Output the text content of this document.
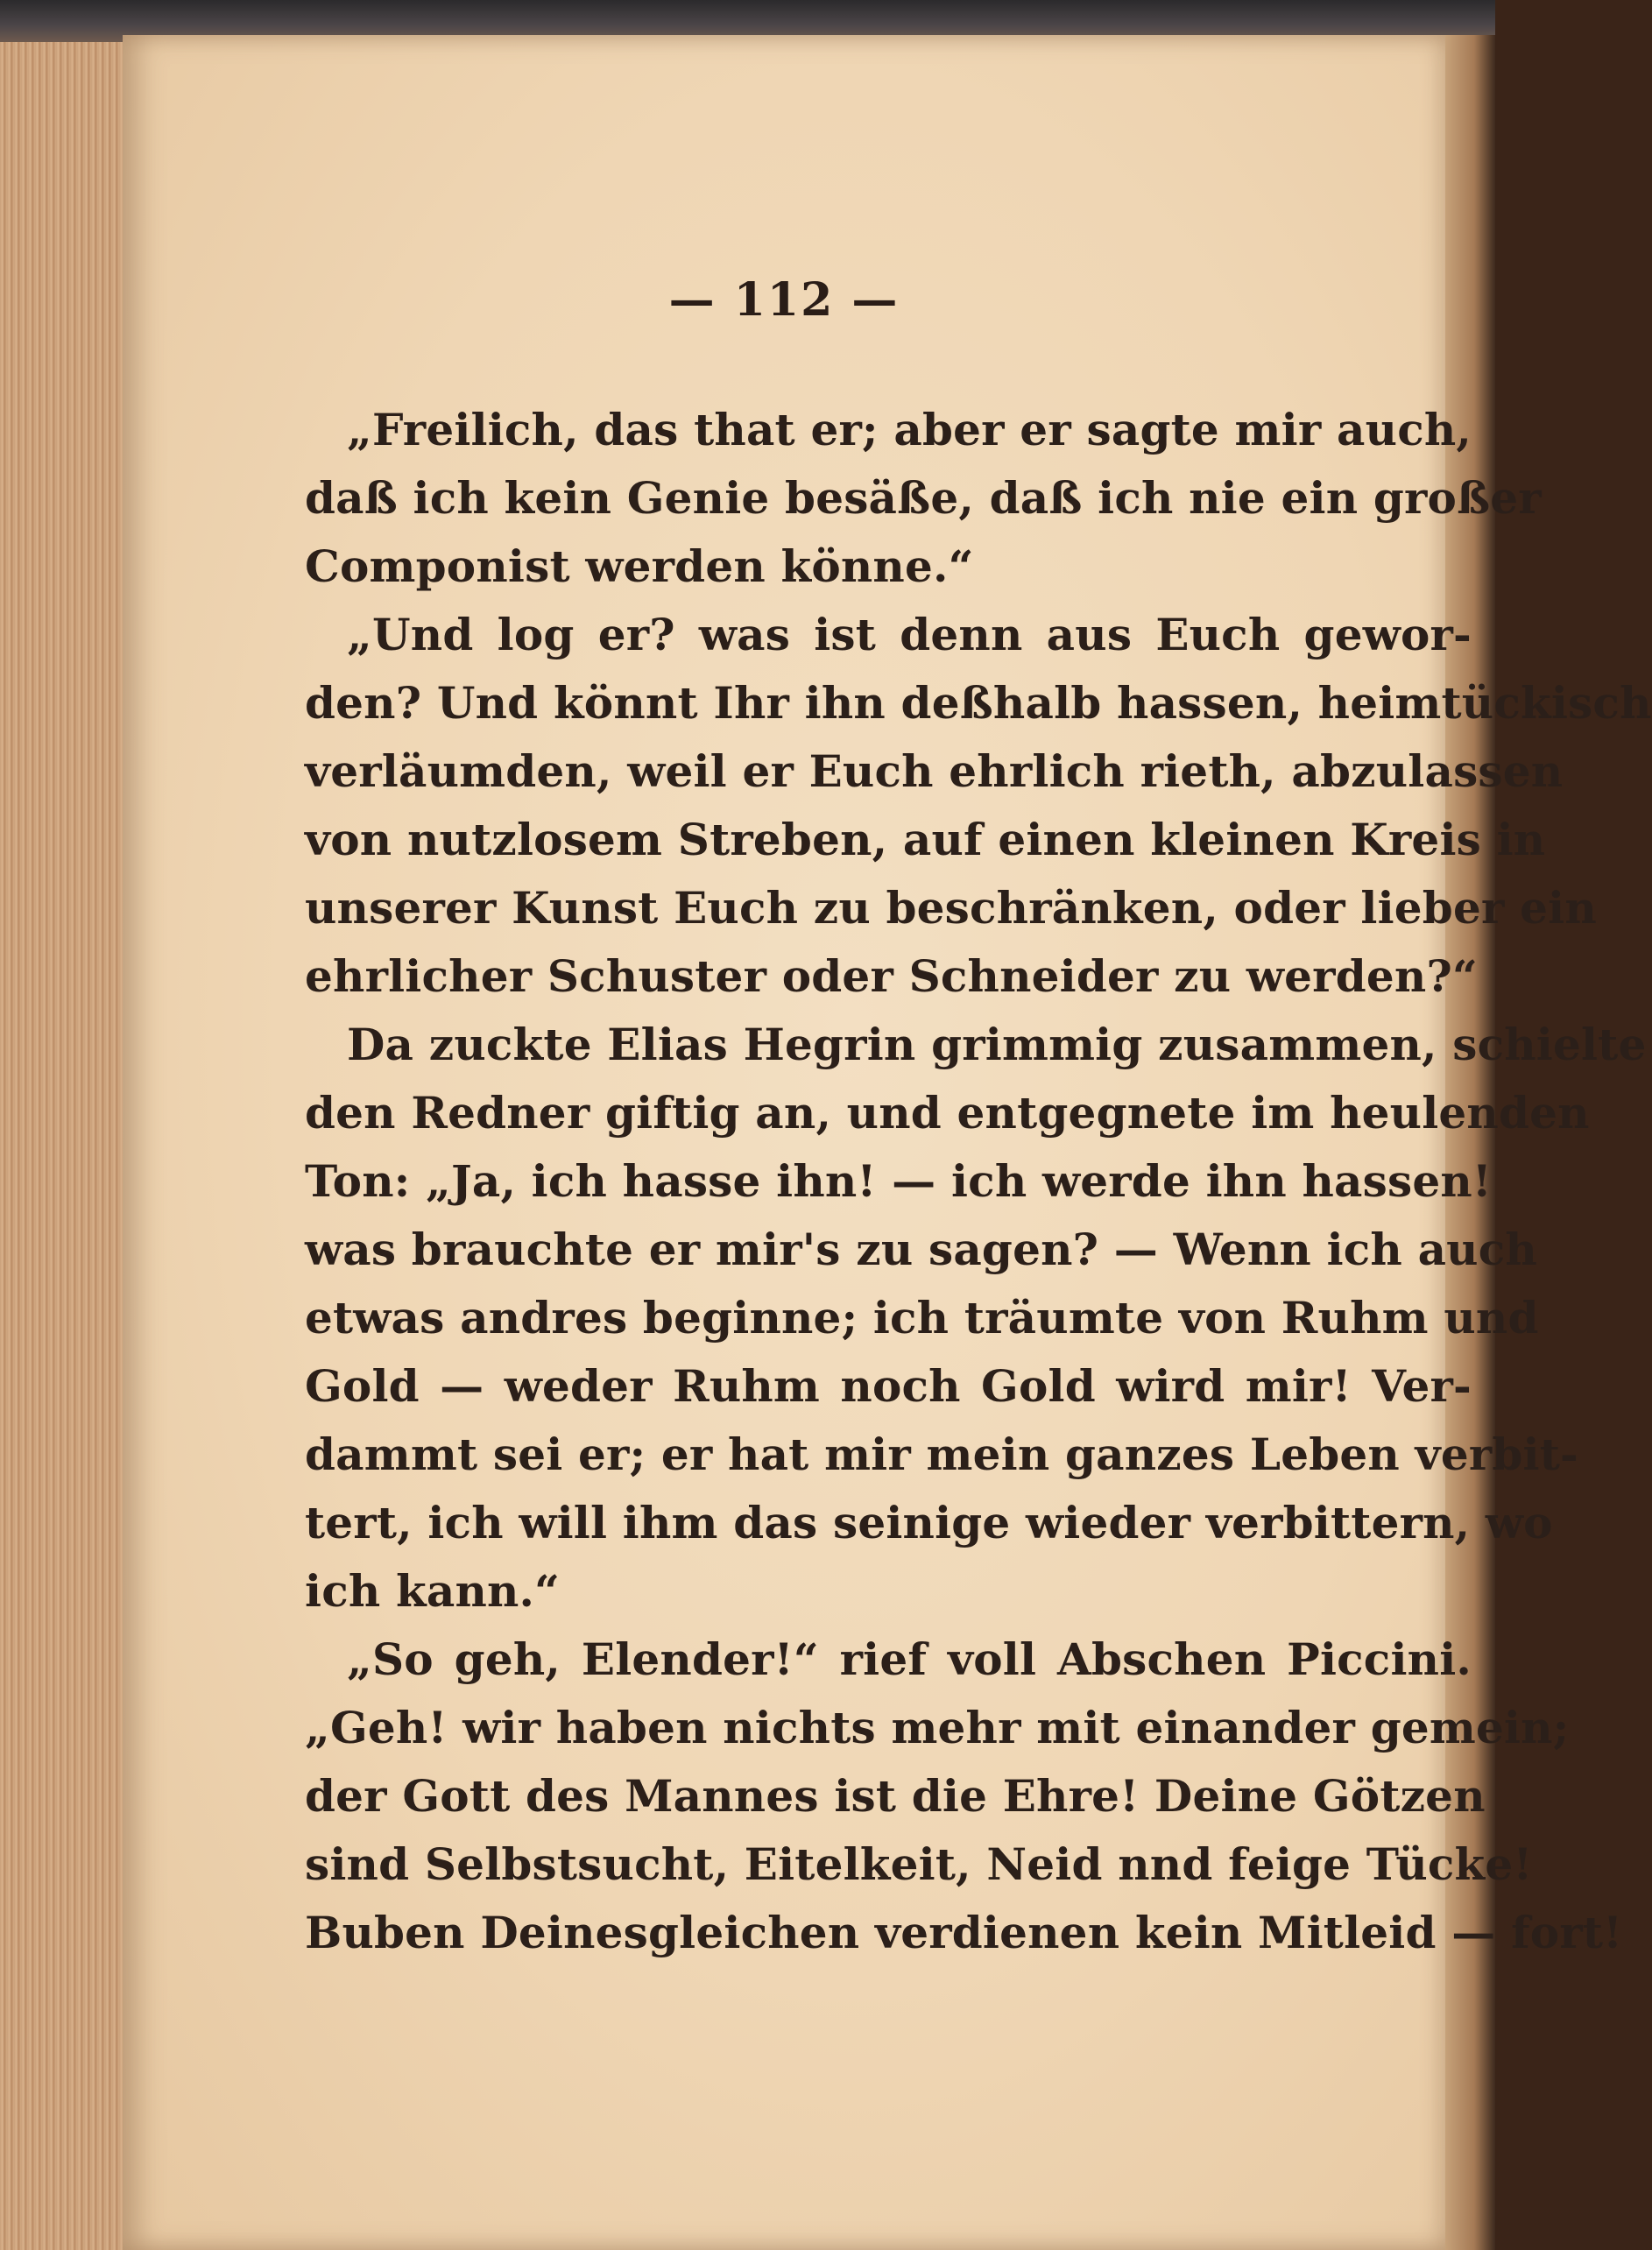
— 112 —

„Freilich, das that er; aber er sagte mir auch,
daß ich kein Genie besäße, daß ich nie ein großer
Componist werden könne.“
„Und log er? was ist denn aus Euch gewor-
den? Und könnt Ihr ihn deßhalb hassen, heimtückisch
verläumden, weil er Euch ehrlich rieth, abzulassen
von nutzlosem Streben, auf einen kleinen Kreis in
unserer Kunst Euch zu beschränken, oder lieber ein
ehrlicher Schuster oder Schneider zu werden?“
Da zuckte Elias Hegrin grimmig zusammen, schielte
den Redner giftig an, und entgegnete im heulenden
Ton: „Ja, ich hasse ihn! — ich werde ihn hassen!
was brauchte er mir's zu sagen? — Wenn ich auch
etwas andres beginne; ich träumte von Ruhm und
Gold — weder Ruhm noch Gold wird mir! Ver-
dammt sei er; er hat mir mein ganzes Leben verbit-
tert, ich will ihm das seinige wieder verbittern, wo
ich kann.“
„So geh, Elender!“ rief voll Abschen Piccini.
„Geh! wir haben nichts mehr mit einander gemein;
der Gott des Mannes ist die Ehre! Deine Götzen
sind Selbstsucht, Eitelkeit, Neid nnd feige Tücke!
Buben Deinesgleichen verdienen kein Mitleid — fort!
